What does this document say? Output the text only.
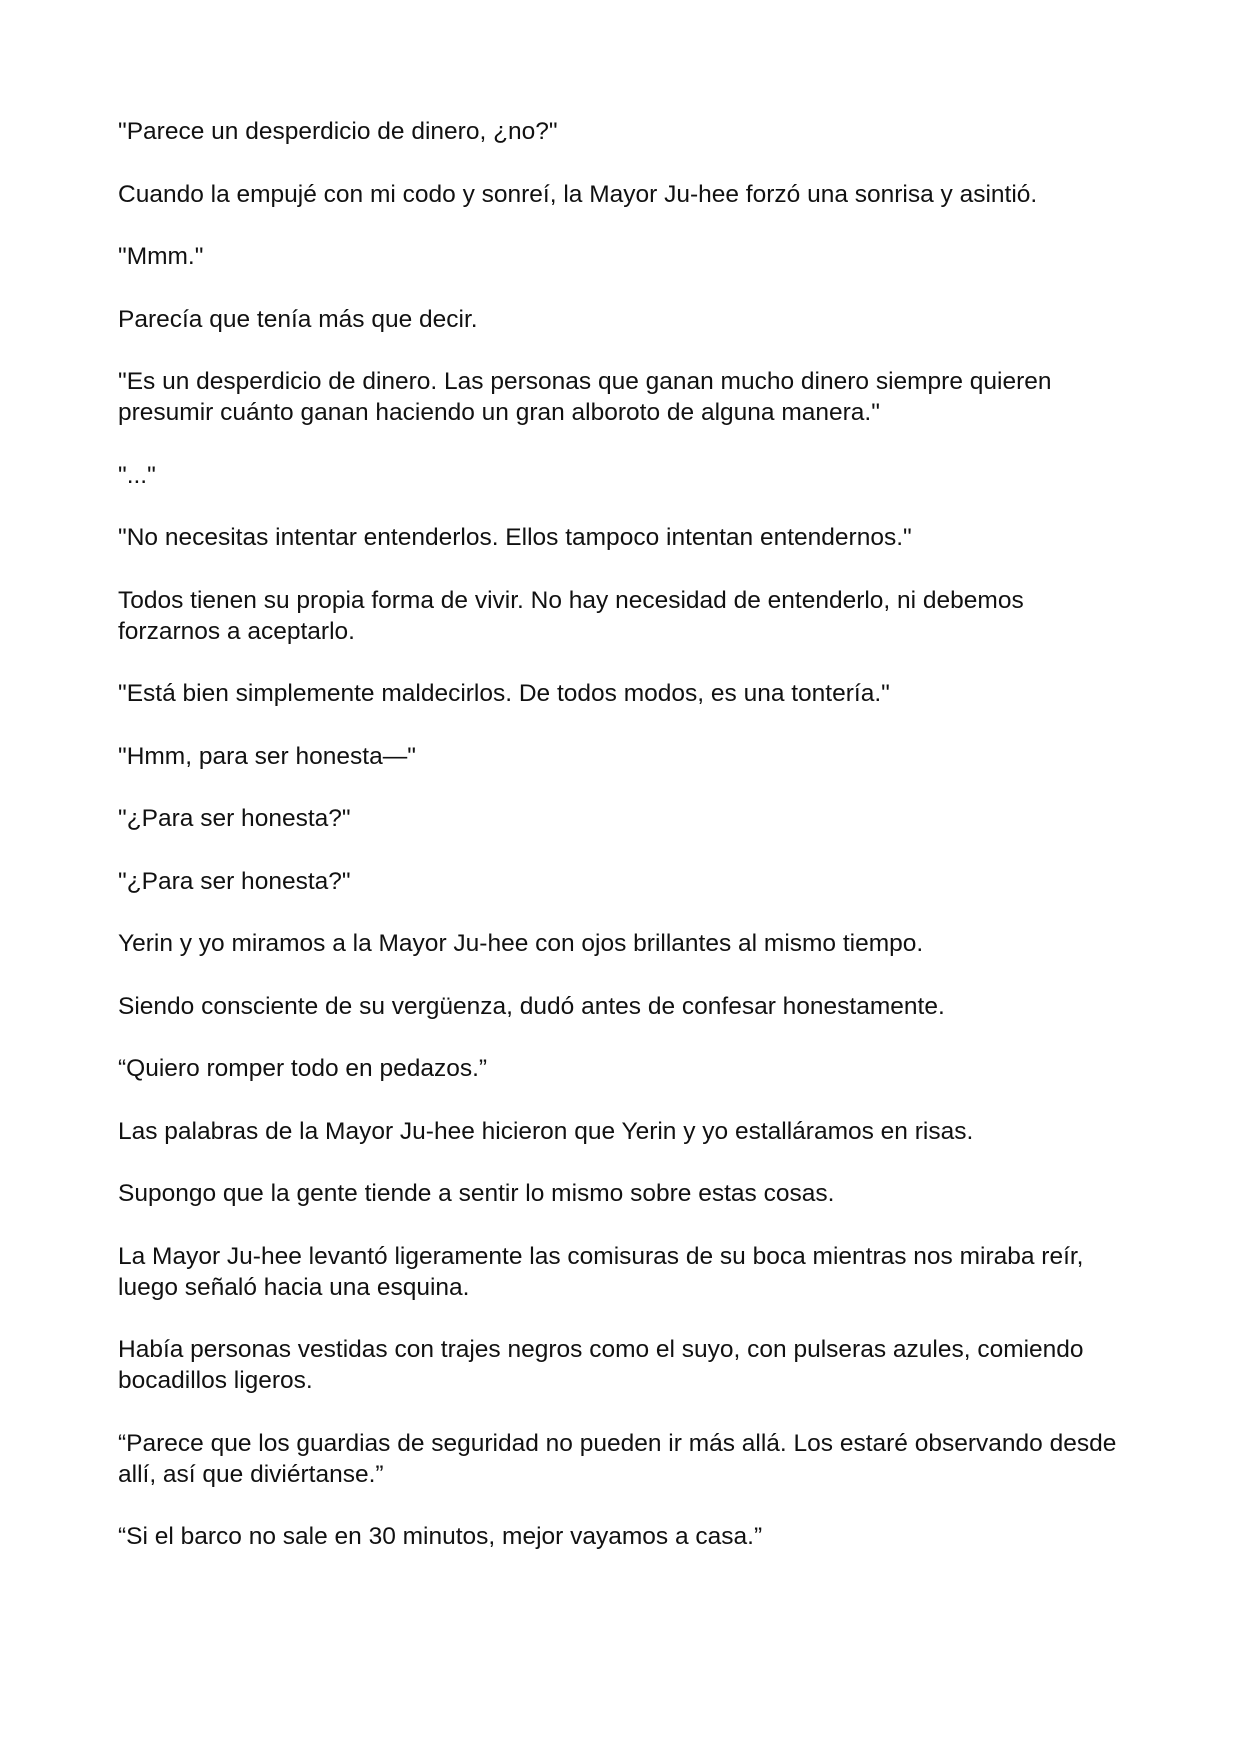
"Parece un desperdicio de dinero, ¿no?"

Cuando la empujé con mi codo y sonreí, la Mayor Ju-hee forzó una sonrisa y asintió.

"Mmm."

Parecía que tenía más que decir.

"Es un desperdicio de dinero. Las personas que ganan mucho dinero siempre quieren presumir cuánto ganan haciendo un gran alboroto de alguna manera."

"..."

"No necesitas intentar entenderlos. Ellos tampoco intentan entendernos."

Todos tienen su propia forma de vivir. No hay necesidad de entenderlo, ni debemos forzarnos a aceptarlo.

"Está bien simplemente maldecirlos. De todos modos, es una tontería."

"Hmm, para ser honesta—"

"¿Para ser honesta?"

"¿Para ser honesta?"

Yerin y yo miramos a la Mayor Ju-hee con ojos brillantes al mismo tiempo.

Siendo consciente de su vergüenza, dudó antes de confesar honestamente.

“Quiero romper todo en pedazos.”

Las palabras de la Mayor Ju-hee hicieron que Yerin y yo estalláramos en risas.

Supongo que la gente tiende a sentir lo mismo sobre estas cosas.

La Mayor Ju-hee levantó ligeramente las comisuras de su boca mientras nos miraba reír, luego señaló hacia una esquina.

Había personas vestidas con trajes negros como el suyo, con pulseras azules, comiendo bocadillos ligeros.

“Parece que los guardias de seguridad no pueden ir más allá. Los estaré observando desde allí, así que diviértanse.”

“Si el barco no sale en 30 minutos, mejor vayamos a casa.”
